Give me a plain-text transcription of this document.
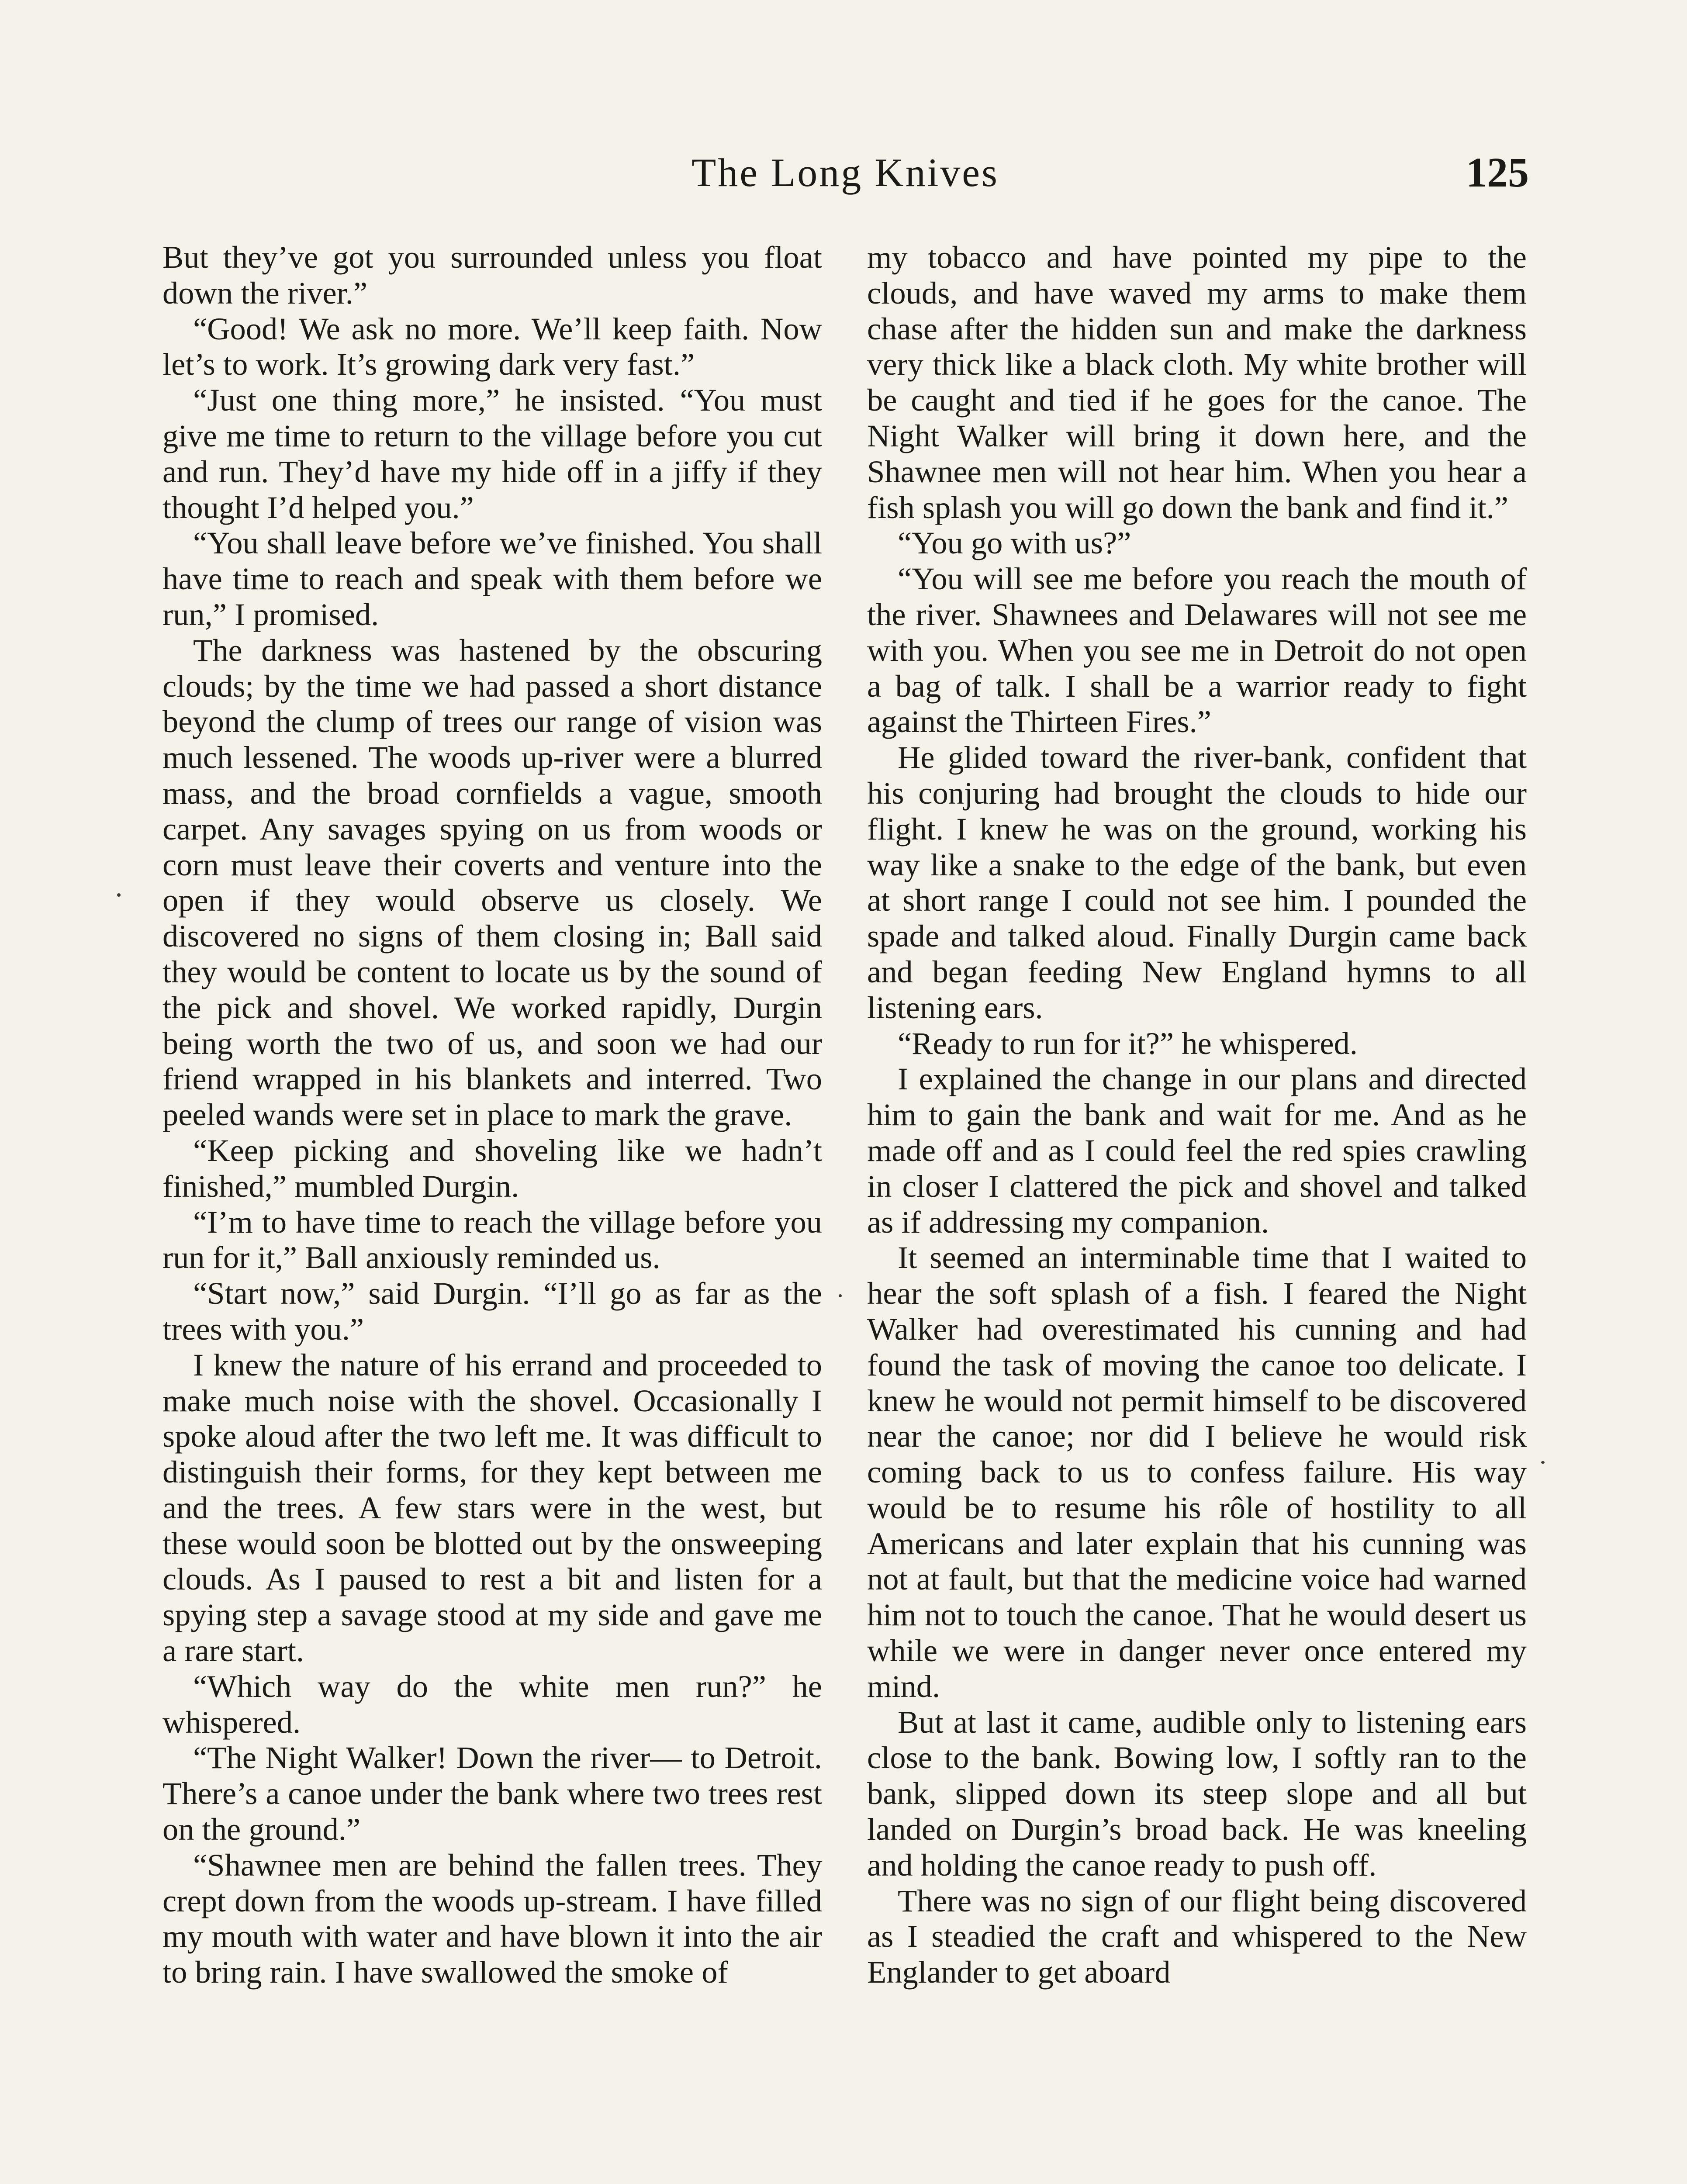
The Long Knives	125

But they’ve got you surrounded unless you float down the river.”

“Good! We ask no more. We’ll keep faith. Now let’s to work. It’s growing dark very fast.”

“Just one thing more,” he insisted. “You must give me time to return to the village before you cut and run. They’d have my hide off in a jiffy if they thought I’d helped you.”

“You shall leave before we’ve finished. You shall have time to reach and speak with them before we run,” I promised.

The darkness was hastened by the obscuring clouds; by the time we had passed a short distance beyond the clump of trees our range of vision was much lessened. The woods up-river were a blurred mass, and the broad cornfields a vague, smooth carpet. Any savages spying on us from woods or corn must leave their coverts and venture into the open if they would observe us closely. We discovered no signs of them closing in; Ball said they would be content to locate us by the sound of the pick and shovel. We worked rapidly, Durgin being worth the two of us, and soon we had our friend wrapped in his blankets and interred. Two peeled wands were set in place to mark the grave.

“Keep picking and shoveling like we hadn’t finished,” mumbled Durgin.

“I’m to have time to reach the village before you run for it,” Ball anxiously reminded us.

“Start now,” said Durgin. “I’ll go as far as the trees with you.”

I knew the nature of his errand and proceeded to make much noise with the shovel. Occasionally I spoke aloud after the two left me. It was difficult to distinguish their forms, for they kept between me and the trees. A few stars were in the west, but these would soon be blotted out by the onsweeping clouds. As I paused to rest a bit and listen for a spying step a savage stood at my side and gave me a rare start.

“Which way do the white men run?” he whispered.

“The Night Walker! Down the river— to Detroit. There’s a canoe under the bank where two trees rest on the ground.”

“Shawnee men are behind the fallen trees. They crept down from the woods up-stream. I have filled my mouth with water and have blown it into the air to bring rain. I have swallowed the smoke of

my tobacco and have pointed my pipe to the clouds, and have waved my arms to make them chase after the hidden sun and make the darkness very thick like a black cloth. My white brother will be caught and tied if he goes for the canoe. The Night Walker will bring it down here, and the Shawnee men will not hear him. When you hear a fish splash you will go down the bank and find it.”

“You go with us?”

“You will see me before you reach the mouth of the river. Shawnees and Delawares will not see me with you. When you see me in Detroit do not open a bag of talk. I shall be a warrior ready to fight against the Thirteen Fires.”

He glided toward the river-bank, confident that his conjuring had brought the clouds to hide our flight. I knew he was on the ground, working his way like a snake to the edge of the bank, but even at short range I could not see him. I pounded the spade and talked aloud. Finally Durgin came back and began feeding New England hymns to all listening ears.

“Ready to run for it?” he whispered.

I explained the change in our plans and directed him to gain the bank and wait for me. And as he made off and as I could feel the red spies crawling in closer I clattered the pick and shovel and talked as if addressing my companion.

It seemed an interminable time that I waited to hear the soft splash of a fish. I feared the Night Walker had overestimated his cunning and had found the task of moving the canoe too delicate. I knew he would not permit himself to be discovered near the canoe; nor did I believe he would risk coming back to us to confess failure. His way would be to resume his rôle of hostility to all Americans and later explain that his cunning was not at fault, but that the medicine voice had warned him not to touch the canoe. That he would desert us while we were in danger never once entered my mind.

But at last it came, audible only to listening ears close to the bank. Bowing low, I softly ran to the bank, slipped down its steep slope and all but landed on Durgin’s broad back. He was kneeling and holding the canoe ready to push off.

There was no sign of our flight being discovered as I steadied the craft and whispered to the New Englander to get aboard
